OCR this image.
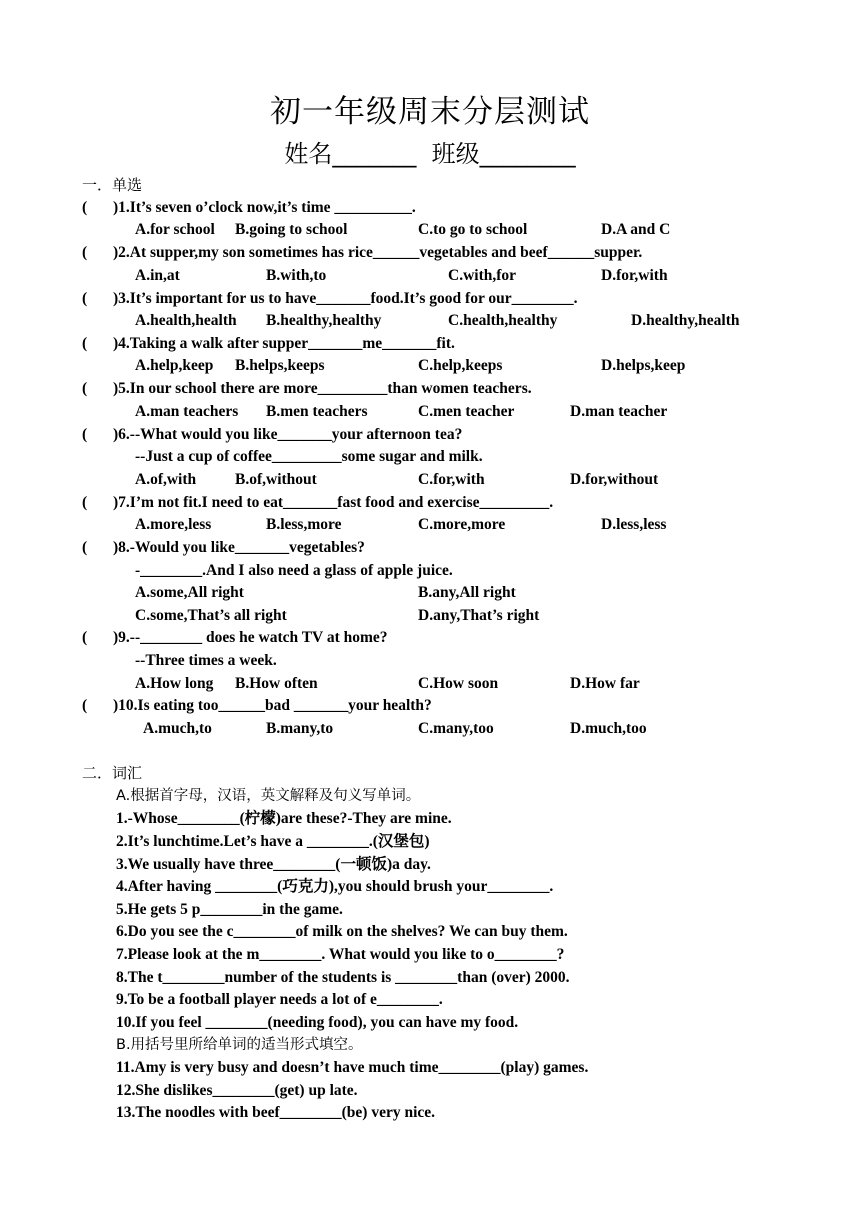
初一年级周末分层测试
姓名_______  班级________
一．单选
( )1.It’s seven o’clock now,it’s time __________.
A.for school B.going to school	C.to go to school	D.A and C
( )2.At supper,my son sometimes has rice______vegetables and beef______supper.
A.in,at	B.with,to	C.with,for	D.for,with
( )3.It’s important for us to have_______food.It’s good for our________.
A.health,health B.healthy,healthy	C.health,healthy	D.healthy,health
( )4.Taking a walk after supper_______me_______fit.
A.help,keep B.helps,keeps	C.help,keeps	D.helps,keep
( )5.In our school there are more_________than women teachers.
A.man teachers B.men teachers	C.men teacher	D.man teacher
( )6.--What would you like_______your afternoon tea?
--Just a cup of coffee_________some sugar and milk.
A.of,with	B.of,without	C.for,with	D.for,without
( )7.I’m not fit.I need to eat_______fast food and exercise_________.
A.more,less	B.less,more	C.more,more	D.less,less
( )8.-Would you like_______vegetables?
-________.And I also need a glass of apple juice.
A.some,All right	B.any,All right
C.some,That’s all right	D.any,That’s right
( )9.--________ does he watch TV at home?
--Three times a week.
A.How long B.How often	C.How soon	D.How far
( )10.Is eating too______bad _______your health?
A.much,to	B.many,to	C.many,too	D.much,too
二．词汇
A.根据首字母，汉语，英文解释及句义写单词。
1.-Whose________(柠檬)are these?-They are mine.
2.It’s lunchtime.Let’s have a ________.(汉堡包)
3.We usually have three________(一顿饭)a day.
4.After having ________(巧克力),you should brush your________.
5.He gets 5 p________in the game.
6.Do you see the c________of milk on the shelves? We can buy them.
7.Please look at the m________. What would you like to o________?
8.The t________number of the students is ________than (over) 2000.
9.To be a football player needs a lot of e________.
10.If you feel ________(needing food), you can have my food.
B.用括号里所给单词的适当形式填空。
11.Amy is very busy and doesn’t have much time________(play) games.
12.She dislikes________(get) up late.
13.The noodles with beef________(be) very nice.
